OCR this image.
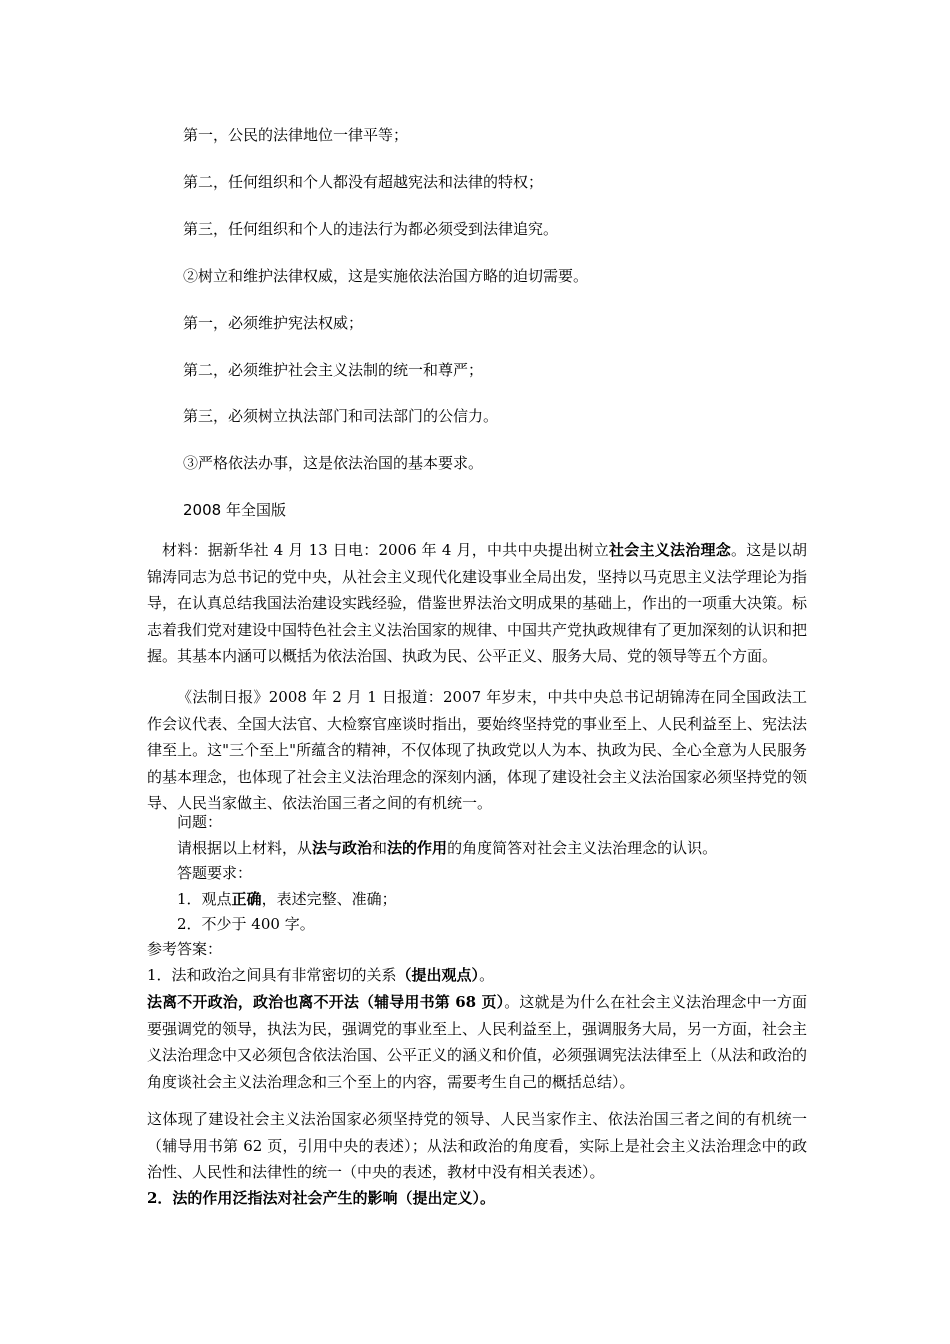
第一，公民的法律地位一律平等；
第二，任何组织和个人都没有超越宪法和法律的特权；
第三，任何组织和个人的违法行为都必须受到法律追究。
②树立和维护法律权威，这是实施依法治国方略的迫切需要。
第一，必须维护宪法权威；
第二，必须维护社会主义法制的统一和尊严；
第三，必须树立执法部门和司法部门的公信力。
③严格依法办事，这是依法治国的基本要求。
2008 年全国版
材料：据新华社 4 月 13 日电：2006 年 4 月，中共中央提出树立社会主义法治理念。这是以胡锦涛同志为总书记的党中央，从社会主义现代化建设事业全局出发，坚持以马克思主义法学理论为指导，在认真总结我国法治建设实践经验，借鉴世界法治文明成果的基础上，作出的一项重大决策。标志着我们党对建设中国特色社会主义法治国家的规律、中国共产党执政规律有了更加深刻的认识和把握。其基本内涵可以概括为依法治国、执政为民、公平正义、服务大局、党的领导等五个方面。
《法制日报》2008 年 2 月 1 日报道：2007 年岁末，中共中央总书记胡锦涛在同全国政法工作会议代表、全国大法官、大检察官座谈时指出，要始终坚持党的事业至上、人民利益至上、宪法法律至上。这"三个至上"所蕴含的精神，不仅体现了执政党以人为本、执政为民、全心全意为人民服务的基本理念，也体现了社会主义法治理念的深刻内涵，体现了建设社会主义法治国家必须坚持党的领导、人民当家做主、依法治国三者之间的有机统一。
问题：
请根据以上材料，从法与政治和法的作用的角度简答对社会主义法治理念的认识。
答题要求：
1．观点正确，表述完整、准确；
2．不少于 400 字。
参考答案：
1．法和政治之间具有非常密切的关系（提出观点）。
法离不开政治，政治也离不开法（辅导用书第 68 页）。这就是为什么在社会主义法治理念中一方面要强调党的领导，执法为民，强调党的事业至上、人民利益至上，强调服务大局，另一方面，社会主义法治理念中又必须包含依法治国、公平正义的涵义和价值，必须强调宪法法律至上（从法和政治的角度谈社会主义法治理念和三个至上的内容，需要考生自己的概括总结）。
这体现了建设社会主义法治国家必须坚持党的领导、人民当家作主、依法治国三者之间的有机统一（辅导用书第 62 页，引用中央的表述）；从法和政治的角度看，实际上是社会主义法治理念中的政治性、人民性和法律性的统一（中央的表述，教材中没有相关表述）。
2．法的作用泛指法对社会产生的影响（提出定义）。
